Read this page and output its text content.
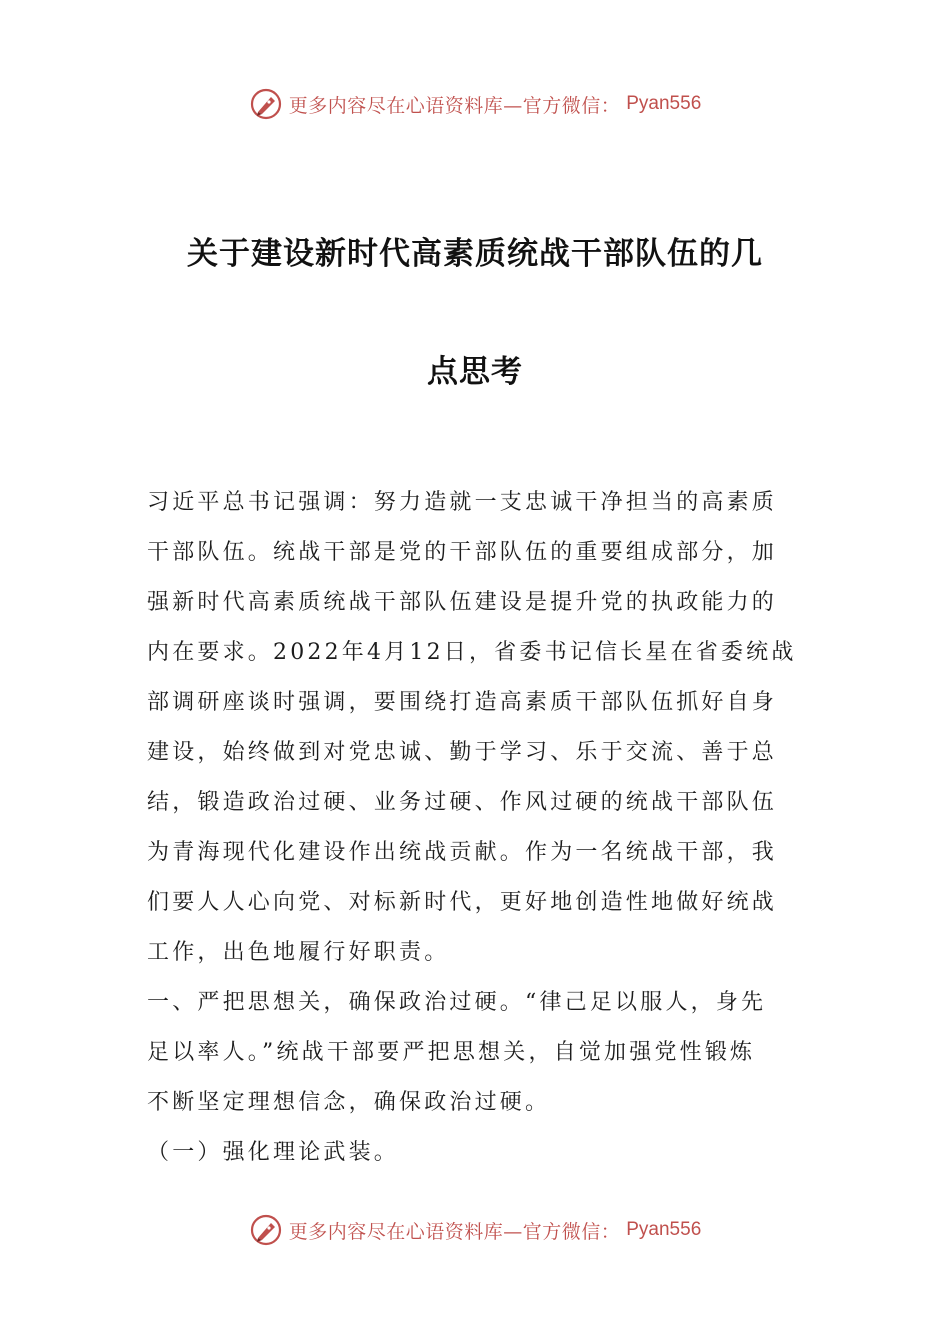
更多内容尽在心语资料库—官方微信： Pyan556
关于建设新时代高素质统战干部队伍的几
点思考
习近平总书记强调：努力造就一支忠诚干净担当的高素质
干部队伍。统战干部是党的干部队伍的重要组成部分，加
强新时代高素质统战干部队伍建设是提升党的执政能力的
内在要求。2022年4月12日，省委书记信长星在省委统战
部调研座谈时强调，要围绕打造高素质干部队伍抓好自身
建设，始终做到对党忠诚、勤于学习、乐于交流、善于总
结，锻造政治过硬、业务过硬、作风过硬的统战干部队伍
为青海现代化建设作出统战贡献。作为一名统战干部，我
们要人人心向党、对标新时代，更好地创造性地做好统战
工作，出色地履行好职责。
一、严把思想关，确保政治过硬。“律己足以服人，身先
足以率人。”统战干部要严把思想关，自觉加强党性锻炼
不断坚定理想信念，确保政治过硬。
（一）强化理论武装。
更多内容尽在心语资料库—官方微信： Pyan556
